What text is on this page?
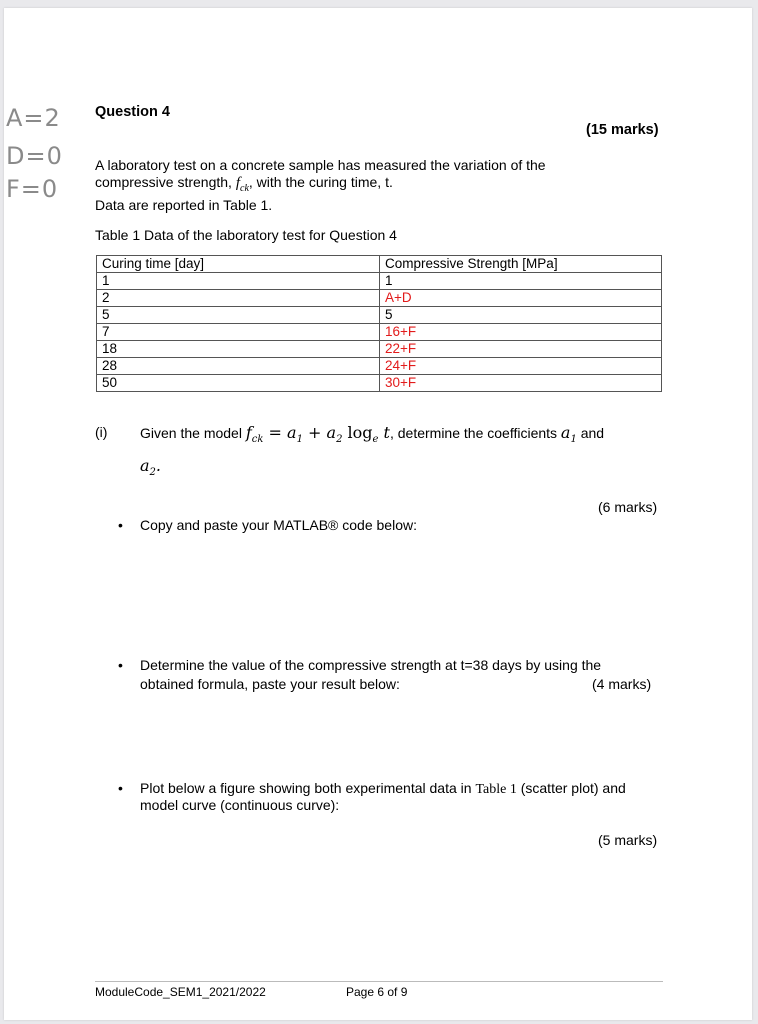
A=2
D=0
F=0
Question 4
(15 marks)
A laboratory test on a concrete sample has measured the variation of the
compressive strength, $f_{ck}$, with the curing time, t.
Data are reported in Table 1.
Table 1 Data of the laboratory test for Question 4
Curing time [day]	Compressive Strength [MPa]
1	1
2	A+D
5	5
7	16+F
18	22+F
28	24+F
50	30+F
(i) Given the model $f_{ck} = a_1 + a_2$ $\log_e t$, determine the coefficients $a_1$ and
$a_2$.
(6 marks)
• Copy and paste your MATLAB® code below:
• Determine the value of the compressive strength at t=38 days by using the
obtained formula, paste your result below:	(4 marks)
• Plot below a figure showing both experimental data in Table 1 (scatter plot) and
model curve (continuous curve):
(5 marks)
ModuleCode_SEM1_2021/2022	Page 6 of 9
